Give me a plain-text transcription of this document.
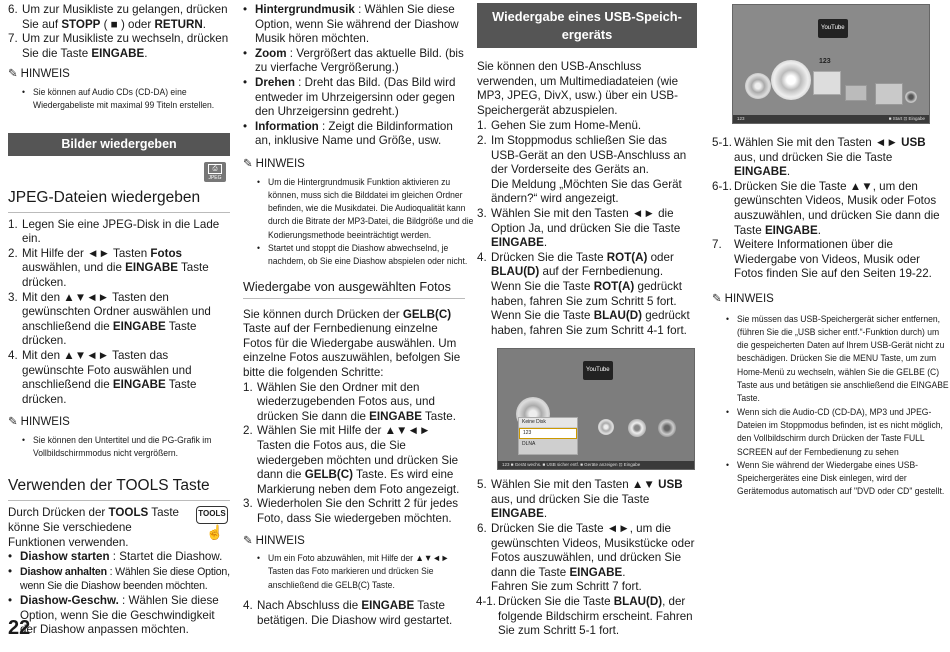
6. Um zur Musikliste zu gelangen, drücken Sie auf STOPP ( ■ ) oder RETURN.
7. Um zur Musikliste zu wechseln, drücken Sie die Taste EINGABE.
✎ HINWEIS
• Sie können auf Audio CDs (CD-DA) eine Wiedergabeliste mit maximal 99 Titeln erstellen.
Bilder wiedergeben
⎙
JPEG
JPEG-Dateien wiedergeben
1. Legen Sie eine JPEG-Disk in die Lade ein.
2. Mit Hilfe der ◄► Tasten Fotos auswählen, und die EINGABE Taste drücken.
3. Mit den ▲▼◄► Tasten den gewünschten Ordner auswählen und anschließend die EINGABE Taste drücken.
4. Mit den ▲▼◄► Tasten das gewünschte Foto auswählen und anschließend die EINGABE Taste drücken.
✎ HINWEIS
• Sie können den Untertitel und die PG-Grafik im Vollbildschirmmodus nicht vergrößern.
Verwenden der TOOLS Taste
Durch Drücken der TOOLS Taste könne Sie verschiedene Funktionen verwenden.
TOOLS
☝
• Diashow starten : Startet die Diashow.
• Diashow anhalten : Wählen Sie diese Option, wenn Sie die Diashow beenden möchten.
• Diashow-Geschw. : Wählen Sie diese Option, wenn Sie die Geschwindigkeit der Diashow anpassen möchten.
22
• Hintergrundmusik : Wählen Sie diese Option, wenn Sie während der Diashow Musik hören möchten.
• Zoom : Vergrößert das aktuelle Bild. (bis zu vierfache Vergrößerung.)
• Drehen : Dreht das Bild. (Das Bild wird entweder im Uhrzeigersinn oder gegen den Uhrzeigersinn gedreht.)
• Information : Zeigt die Bildinformation an, inklusive Name und Größe, usw.
✎ HINWEIS
• Um die Hintergrundmusik Funktion aktivieren zu können, muss sich die Bilddatei im gleichen Ordner befinden, wie die Musikdatei. Die Audioqualität kann durch die Bitrate der MP3-Datei, die Bildgröße und die Kodierungsmethode beeinträchtigt werden.
• Startet und stoppt die Diashow abwechselnd, je nachdem, ob Sie eine Diashow abspielen oder nicht.
Wiedergabe von ausgewählten Fotos
Sie können durch Drücken der GELB(C) Taste auf der Fernbedienung einzelne Fotos für die Wiedergabe auswählen. Um einzelne Fotos auszuwählen, befolgen Sie bitte die folgenden Schritte:
1. Wählen Sie den Ordner mit den wiederzugebenden Fotos aus, und drücken Sie dann die EINGABE Taste.
2. Wählen Sie mit Hilfe der ▲▼◄► Tasten die Fotos aus, die Sie wiedergeben möchten und drücken Sie dann die GELB(C) Taste. Es wird eine Markierung neben dem Foto angezeigt.
3. Wiederholen Sie den Schritt 2 für jedes Foto, dass Sie wiedergeben möchten.
✎ HINWEIS
• Um ein Foto abzuwählen, mit Hilfe der ▲▼◄► Tasten das Foto markieren und drücken Sie anschließend die GELB(C) Taste.
4. Nach Abschluss die EINGABE Taste betätigen. Die Diashow wird gestartet.
Wiedergabe eines USB-Speich-
ergeräts
Sie können den USB-Anschluss verwenden, um Multimediadateien (wie MP3, JPEG, DivX, usw.) über ein USB-Speichergerät abzuspielen.
1. Gehen Sie zum Home-Menü.
2. Im Stoppmodus schließen Sie das USB-Gerät an den USB-Anschluss an der Vorderseite des Geräts an.
Die Meldung „Möchten Sie das Gerät ändern?“ wird angezeigt.
3. Wählen Sie mit den Tasten ◄► die Option Ja, und drücken Sie die Taste EINGABE.
4. Drücken Sie die Taste ROT(A) oder BLAU(D) auf der Fernbedienung.
Wenn Sie die Taste ROT(A) gedrückt haben, fahren Sie zum Schritt 5 fort.
Wenn Sie die Taste BLAU(D) gedrückt haben, fahren Sie zum Schritt 4-1 fort.
YouTube
Keine Disk
123
DLNA
123 ■ Gerät wechs. ■ USB sicher entf. ■ Geräte anzeigen ⊡ Eingabe
5. Wählen Sie mit den Tasten ▲▼ USB aus, und drücken Sie die Taste EINGABE.
6. Drücken Sie die Taste ◄►, um die gewünschten Videos, Musikstücke oder Fotos auszuwählen, und drücken Sie dann die Taste EINGABE.
Fahren Sie zum Schritt 7 fort.
4-1. Drücken Sie die Taste BLAU(D), der folgende Bildschirm erscheint. Fahren Sie zum Schritt 5-1 fort.
YouTube
123
123	■ Start ⊡ Eingabe
5-1. Wählen Sie mit den Tasten ◄► USB aus, und drücken Sie die Taste EINGABE.
6-1. Drücken Sie die Taste ▲▼, um den gewünschten Videos, Musik oder Fotos auszuwählen, und drücken Sie dann die Taste EINGABE.
7.	Weitere Informationen über die Wiedergabe von Videos, Musik oder Fotos finden Sie auf den Seiten 19-22.
✎ HINWEIS
• Sie müssen das USB-Speichergerät sicher entfernen, (führen Sie die „USB sicher entf.“-Funktion durch) um die gespeicherten Daten auf Ihrem USB-Gerät nicht zu beschädigen. Drücken Sie die MENU Taste, um zum Home-Menü zu wechseln, wählen Sie die GELBE (C) Taste aus und betätigen sie anschließend die EINGABE Taste.
• Wenn sich die Audio-CD (CD-DA), MP3 und JPEG-Dateien im Stoppmodus befinden, ist es nicht möglich, den Vollbildschirm durch Drücken der Taste FULL SCREEN auf der Fernbedienung zu sehen
• Wenn Sie während der Wiedergabe eines USB-Speichergerätes eine Disk einlegen, wird der Gerätemodus automatisch auf "DVD oder CD" gestellt.
